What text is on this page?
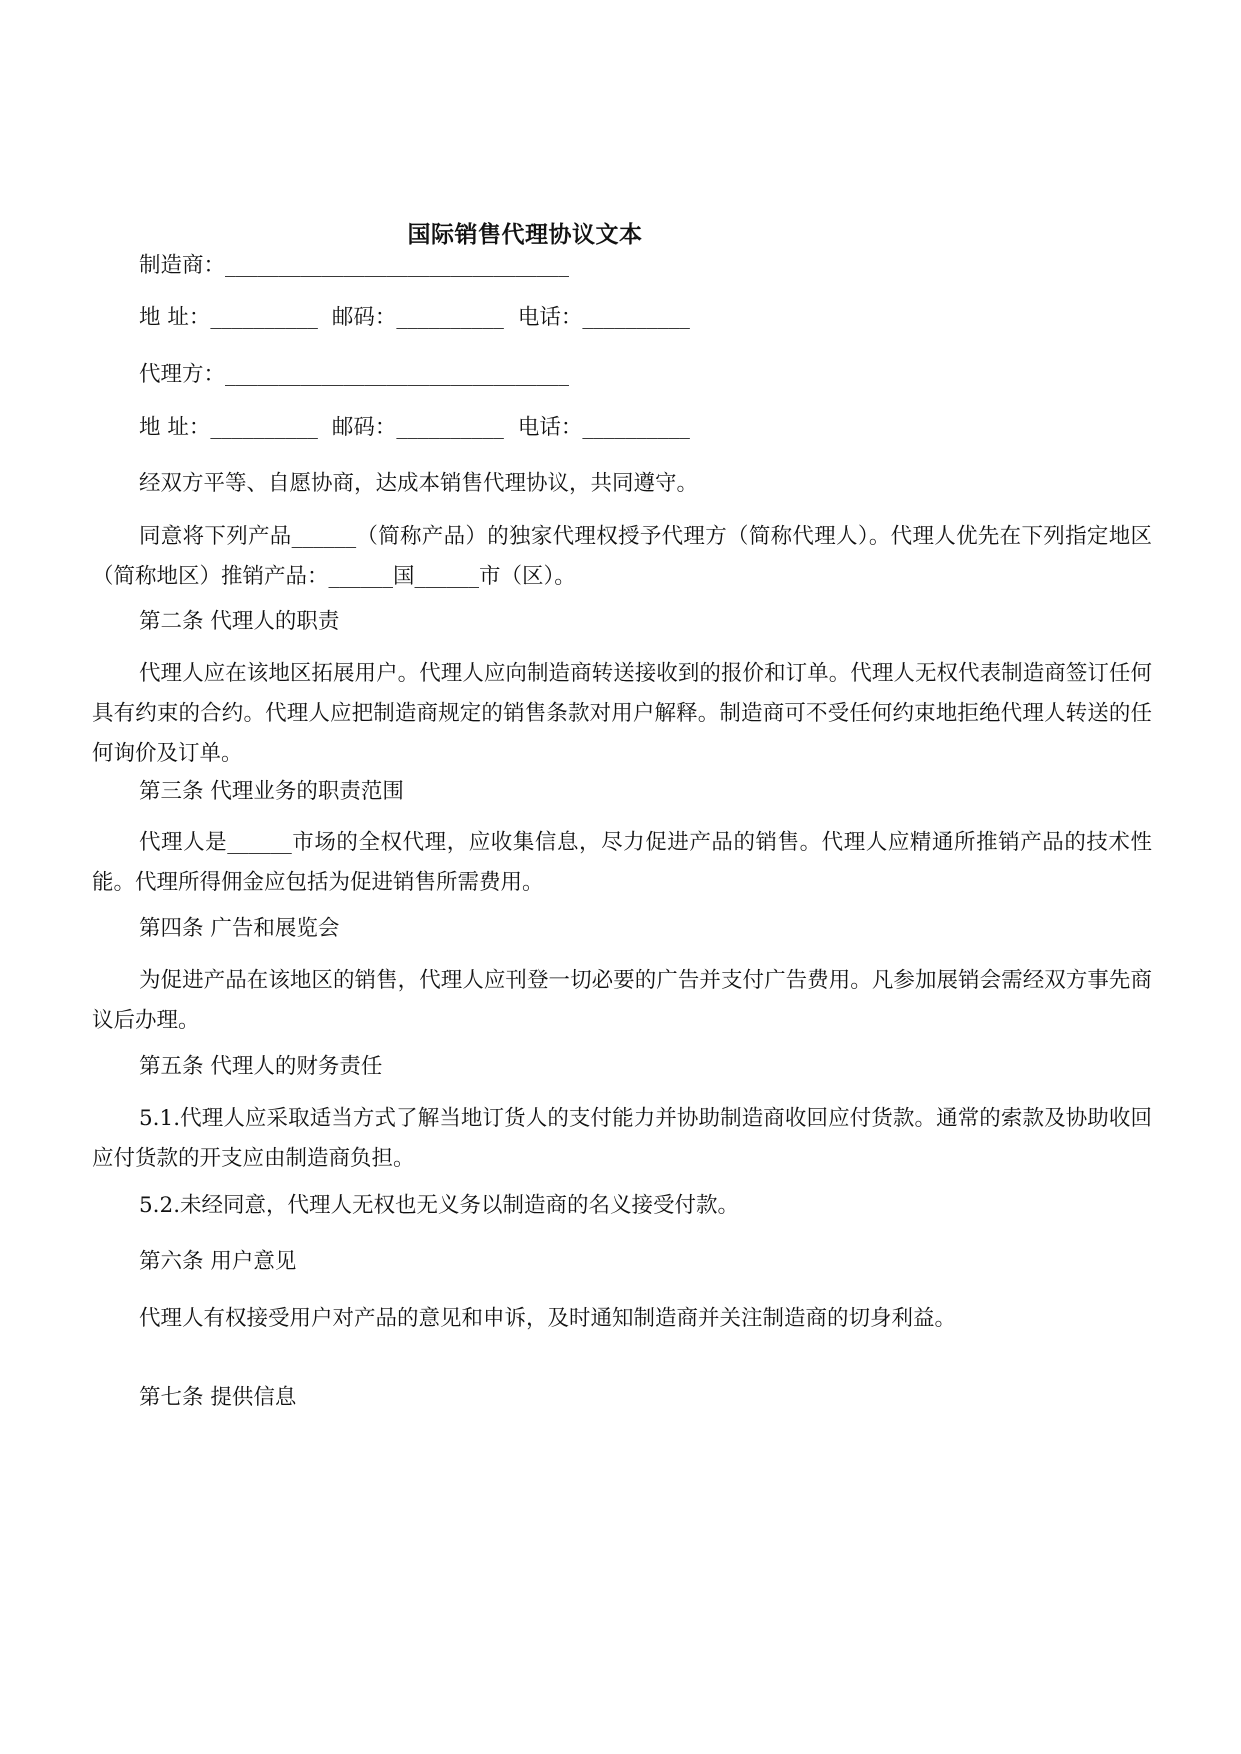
国际销售代理协议文本
制造商：________________________________
地 址：__________ 邮码：__________ 电话：__________
代理方：________________________________
地 址：__________ 邮码：__________ 电话：__________
经双方平等、自愿协商，达成本销售代理协议，共同遵守。
同意将下列产品______（简称产品）的独家代理权授予代理方（简称代理人）。代理人优先在下列指定地区（简称地区）推销产品：______国______市（区）。
第二条 代理人的职责
代理人应在该地区拓展用户。代理人应向制造商转送接收到的报价和订单。代理人无权代表制造商签订任何具有约束的合约。代理人应把制造商规定的销售条款对用户解释。制造商可不受任何约束地拒绝代理人转送的任何询价及订单。
第三条 代理业务的职责范围
代理人是______市场的全权代理，应收集信息，尽力促进产品的销售。代理人应精通所推销产品的技术性能。代理所得佣金应包括为促进销售所需费用。
第四条 广告和展览会
为促进产品在该地区的销售，代理人应刊登一切必要的广告并支付广告费用。凡参加展销会需经双方事先商议后办理。
第五条 代理人的财务责任
5.1.代理人应采取适当方式了解当地订货人的支付能力并协助制造商收回应付货款。通常的索款及协助收回应付货款的开支应由制造商负担。
5.2.未经同意，代理人无权也无义务以制造商的名义接受付款。
第六条 用户意见
代理人有权接受用户对产品的意见和申诉，及时通知制造商并关注制造商的切身利益。
第七条 提供信息
